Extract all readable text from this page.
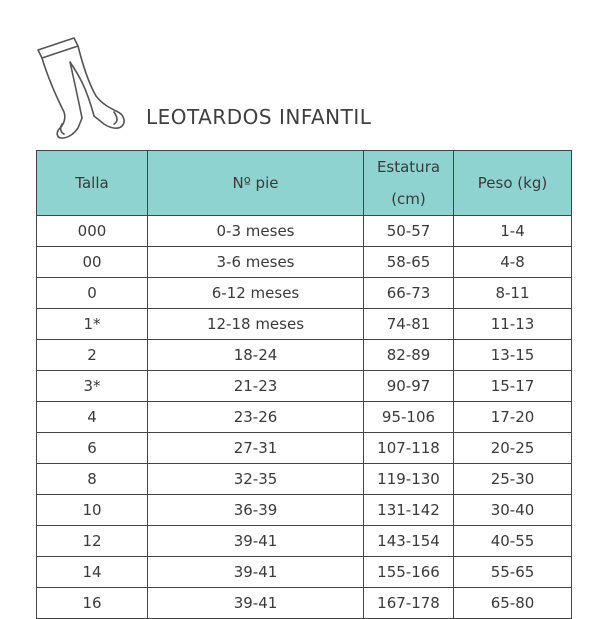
LEOTARDOS INFANTIL
Talla	Nº pie	Estatura (cm)	Peso (kg)
000	0-3 meses	50-57	1-4
00	3-6 meses	58-65	4-8
0	6-12 meses	66-73	8-11
1*	12-18 meses	74-81	11-13
2	18-24	82-89	13-15
3*	21-23	90-97	15-17
4	23-26	95-106	17-20
6	27-31	107-118	20-25
8	32-35	119-130	25-30
10	36-39	131-142	30-40
12	39-41	143-154	40-55
14	39-41	155-166	55-65
16	39-41	167-178	65-80
